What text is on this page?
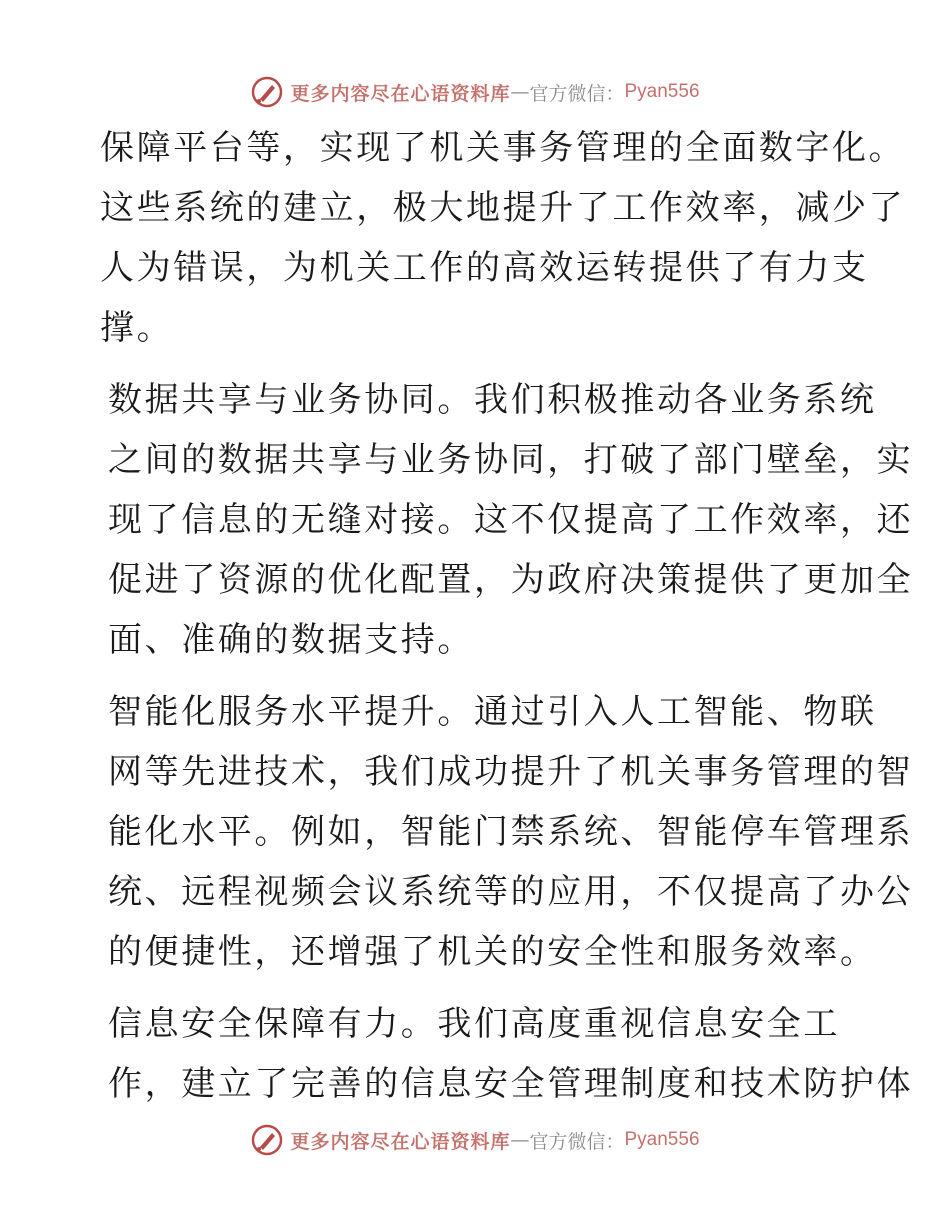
更多内容尽在心语资料库 — 官方微信： Pyan556

保障平台等，实现了机关事务管理的全面数字化。
这些系统的建立，极大地提升了工作效率，减少了
人为错误，为机关工作的高效运转提供了有力支
撑。

数据共享与业务协同。我们积极推动各业务系统
之间的数据共享与业务协同，打破了部门壁垒，实
现了信息的无缝对接。这不仅提高了工作效率，还
促进了资源的优化配置，为政府决策提供了更加全
面、准确的数据支持。

智能化服务水平提升。通过引入人工智能、物联
网等先进技术，我们成功提升了机关事务管理的智
能化水平。例如，智能门禁系统、智能停车管理系
统、远程视频会议系统等的应用，不仅提高了办公
的便捷性，还增强了机关的安全性和服务效率。

信息安全保障有力。我们高度重视信息安全工
作，建立了完善的信息安全管理制度和技术防护体

更多内容尽在心语资料库 — 官方微信： Pyan556
